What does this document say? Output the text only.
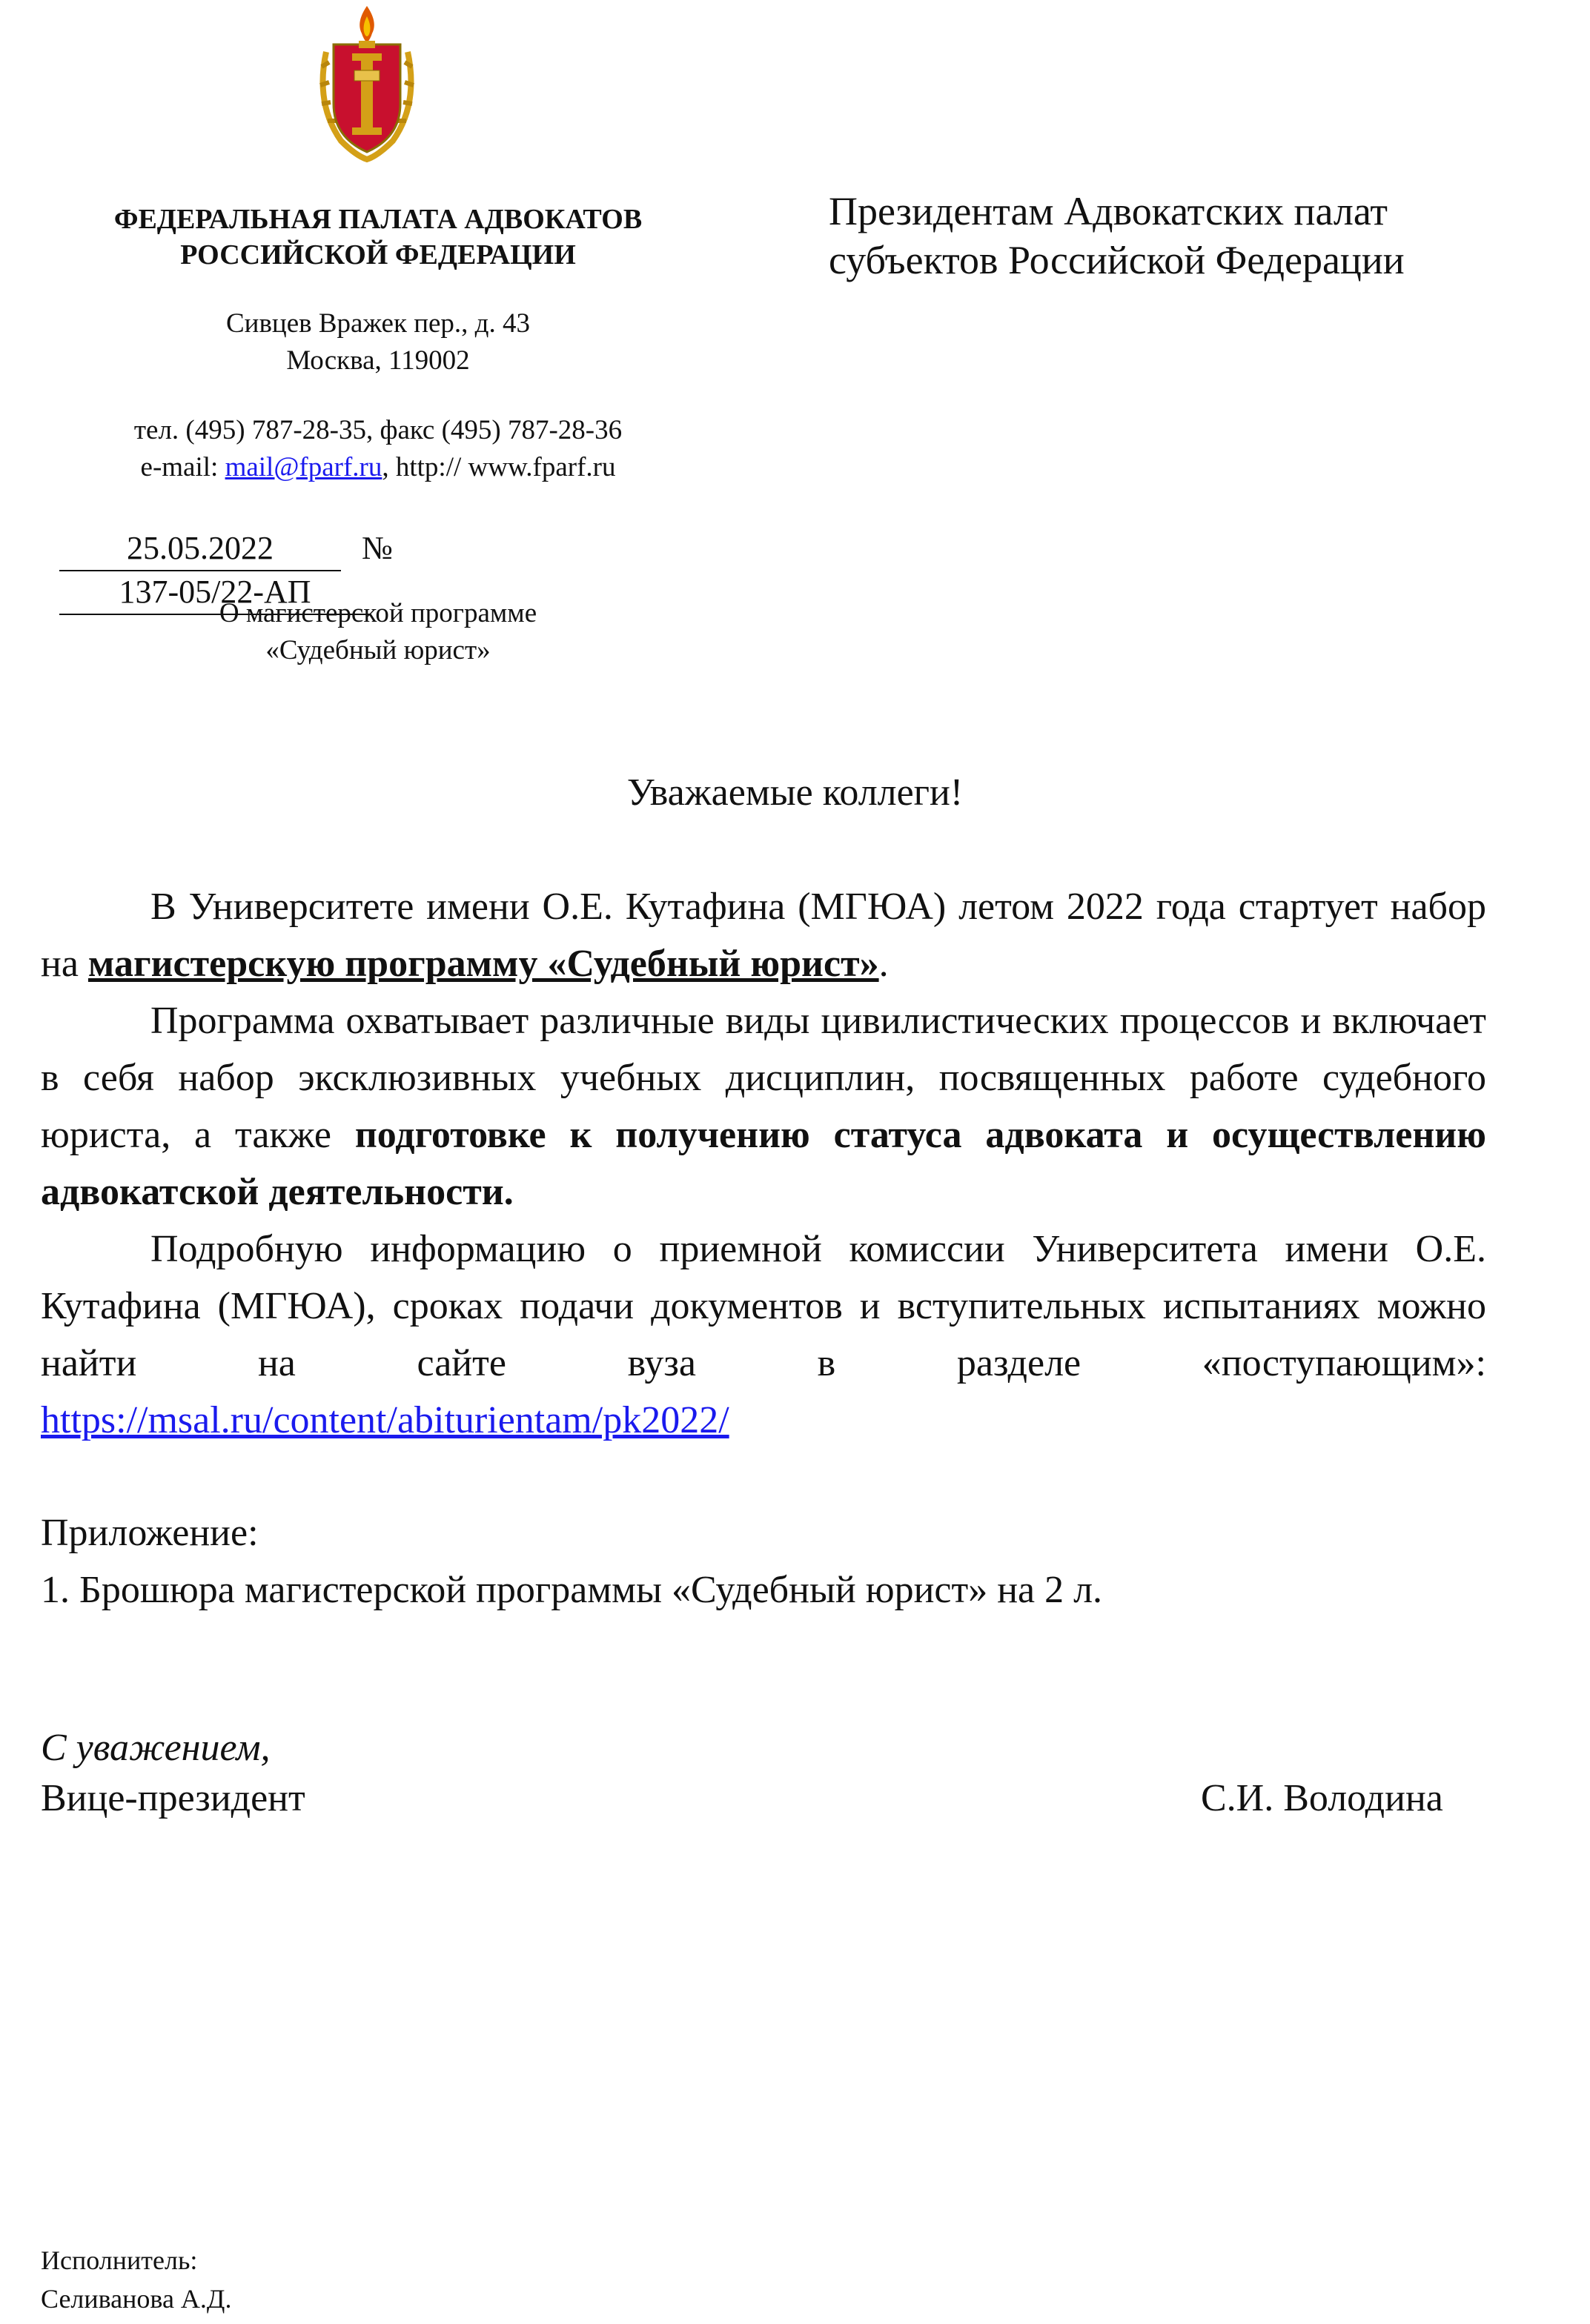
ФЕДЕРАЛЬНАЯ ПАЛАТА АДВОКАТОВ

РОССИЙСКОЙ ФЕДЕРАЦИИ

Сивцев Вражек пер., д. 43
Москва, 119002
тел. (495) 787-28-35, факс (495) 787-28-36
e-mail: mail@fparf.ru, http:// www.fparf.ru
Президентам Адвокатских палат
субъектов Российской Федерации
25.05.2022	№137-05/22-АП
О магистерской программе
«Судебный юрист»
Уважаемые коллеги!

В Университете имени О.Е. Кутафина (МГЮА) летом 2022 года стартует набор на магистерскую программу «Судебный юрист».

Программа охватывает различные виды цивилистических процессов и включает в себя набор эксклюзивных учебных дисциплин, посвященных работе судебного юриста, а также подготовке к получению статуса адвоката и осуществлению адвокатской деятельности.

Подробную информацию о приемной комиссии Университета имени О.Е. Кутафина (МГЮА), сроках подачи документов и вступительных испытаниях можно найти на сайте вуза в разделе «поступающим»: https://msal.ru/content/abiturientam/pk2022/

Приложение:

1. Брошюра магистерской программы «Судебный юрист» на 2 л.

С уважением,
Вице-президент	С.И. Володина
Исполнитель:
Селиванова А.Д.
